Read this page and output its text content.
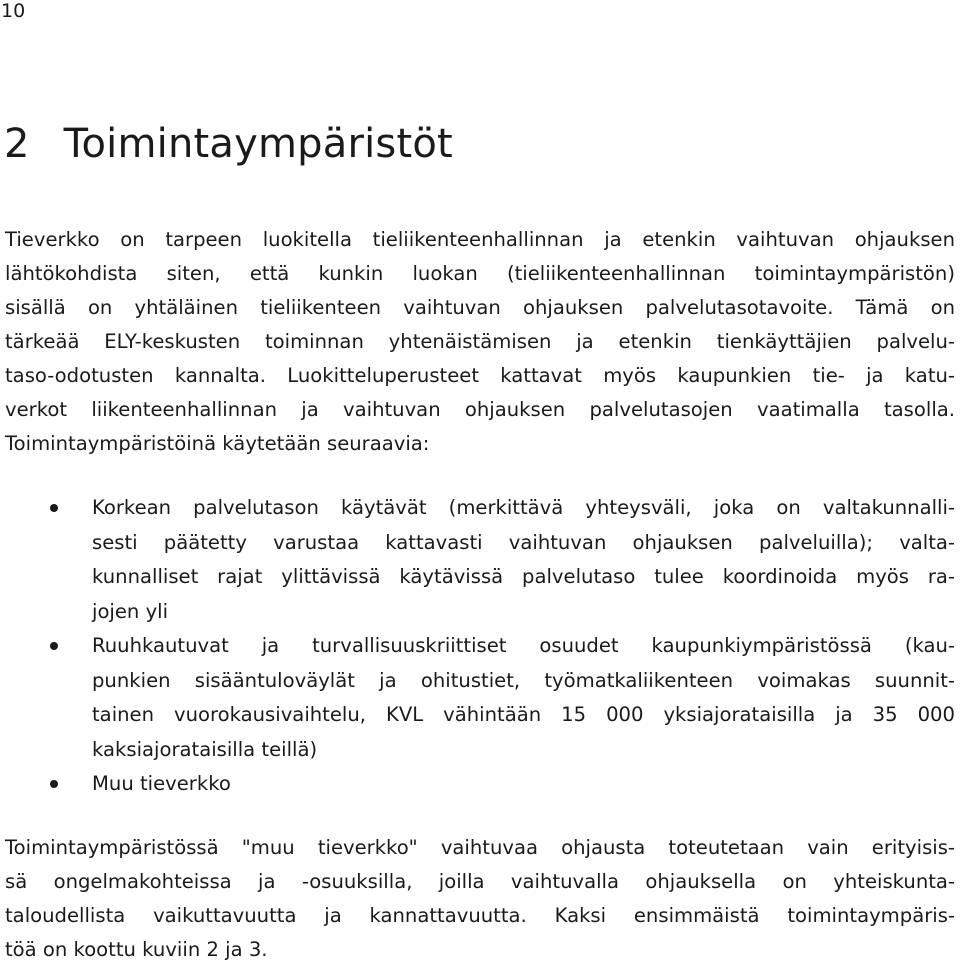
10
2 Toimintaympäristöt

Tieverkko on tarpeen luokitella tieliikenteenhallinnan ja etenkin vaihtuvan ohjauksen
lähtökohdista siten, että kunkin luokan (tieliikenteenhallinnan toimintaympäristön)
sisällä on yhtäläinen tieliikenteen vaihtuvan ohjauksen palvelutasotavoite. Tämä on
tärkeää ELY-keskusten toiminnan yhtenäistämisen ja etenkin tienkäyttäjien palvelu-
taso-odotusten kannalta. Luokitteluperusteet kattavat myös kaupunkien tie- ja katu-
verkot liikenteenhallinnan ja vaihtuvan ohjauksen palvelutasojen vaatimalla tasolla.
Toimintaympäristöinä käytetään seuraavia:

Korkean palvelutason käytävät (merkittävä yhteysväli, joka on valtakunnalli-
sesti päätetty varustaa kattavasti vaihtuvan ohjauksen palveluilla); valta-
kunnalliset rajat ylittävissä käytävissä palvelutaso tulee koordinoida myös ra-
jojen yli
Ruuhkautuvat ja turvallisuuskriittiset osuudet kaupunkiympäristössä (kau-
punkien sisääntuloväylät ja ohitustiet, työmatkaliikenteen voimakas suunnit-
tainen vuorokausivaihtelu, KVL vähintään 15 000 yksiajorataisilla ja 35 000
kaksiajorataisilla teillä)
Muu tieverkko

Toimintaympäristössä "muu tieverkko" vaihtuvaa ohjausta toteutetaan vain erityisis-
sä ongelmakohteissa ja -osuuksilla, joilla vaihtuvalla ohjauksella on yhteiskunta-
taloudellista vaikuttavuutta ja kannattavuutta. Kaksi ensimmäistä toimintaympäris-
töä on koottu kuviin 2 ja 3.
